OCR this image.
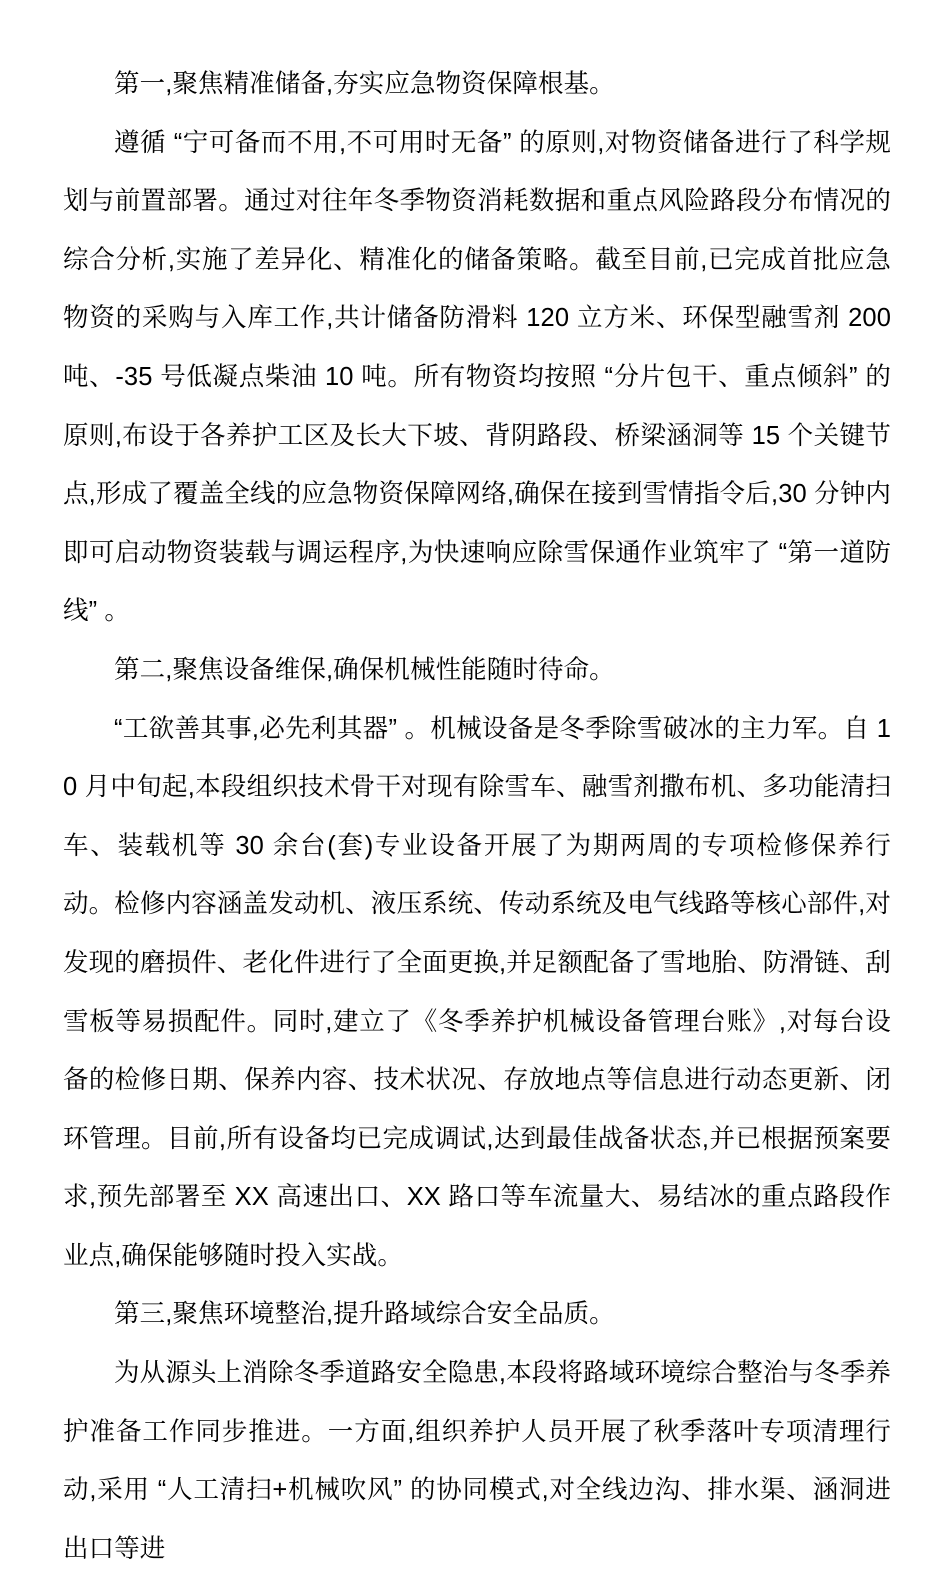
第一,聚焦精准储备,夯实应急物资保障根基。

遵循 “宁可备而不用,不可用时无备” 的原则,对物资储备进行了科学规划与前置部署。通过对往年冬季物资消耗数据和重点风险路段分布情况的综合分析,实施了差异化、精准化的储备策略。截至目前,已完成首批应急物资的采购与入库工作,共计储备防滑料 120 立方米、环保型融雪剂 200 吨、-35 号低凝点柴油 10 吨。所有物资均按照 “分片包干、重点倾斜” 的原则,布设于各养护工区及长大下坡、背阴路段、桥梁涵洞等 15 个关键节点,形成了覆盖全线的应急物资保障网络,确保在接到雪情指令后,30 分钟内即可启动物资装载与调运程序,为快速响应除雪保通作业筑牢了 “第一道防线” 。

第二,聚焦设备维保,确保机械性能随时待命。

“工欲善其事,必先利其器” 。机械设备是冬季除雪破冰的主力军。自 10 月中旬起,本段组织技术骨干对现有除雪车、融雪剂撒布机、多功能清扫车、装载机等 30 余台(套)专业设备开展了为期两周的专项检修保养行动。检修内容涵盖发动机、液压系统、传动系统及电气线路等核心部件,对发现的磨损件、老化件进行了全面更换,并足额配备了雪地胎、防滑链、刮雪板等易损配件。同时,建立了《冬季养护机械设备管理台账》,对每台设备的检修日期、保养内容、技术状况、存放地点等信息进行动态更新、闭环管理。目前,所有设备均已完成调试,达到最佳战备状态,并已根据预案要求,预先部署至 XX 高速出口、XX 路口等车流量大、易结冰的重点路段作业点,确保能够随时投入实战。

第三,聚焦环境整治,提升路域综合安全品质。

为从源头上消除冬季道路安全隐患,本段将路域环境综合整治与冬季养护准备工作同步推进。一方面,组织养护人员开展了秋季落叶专项清理行动,采用 “人工清扫+机械吹风” 的协同模式,对全线边沟、排水渠、涵洞进出口等进
